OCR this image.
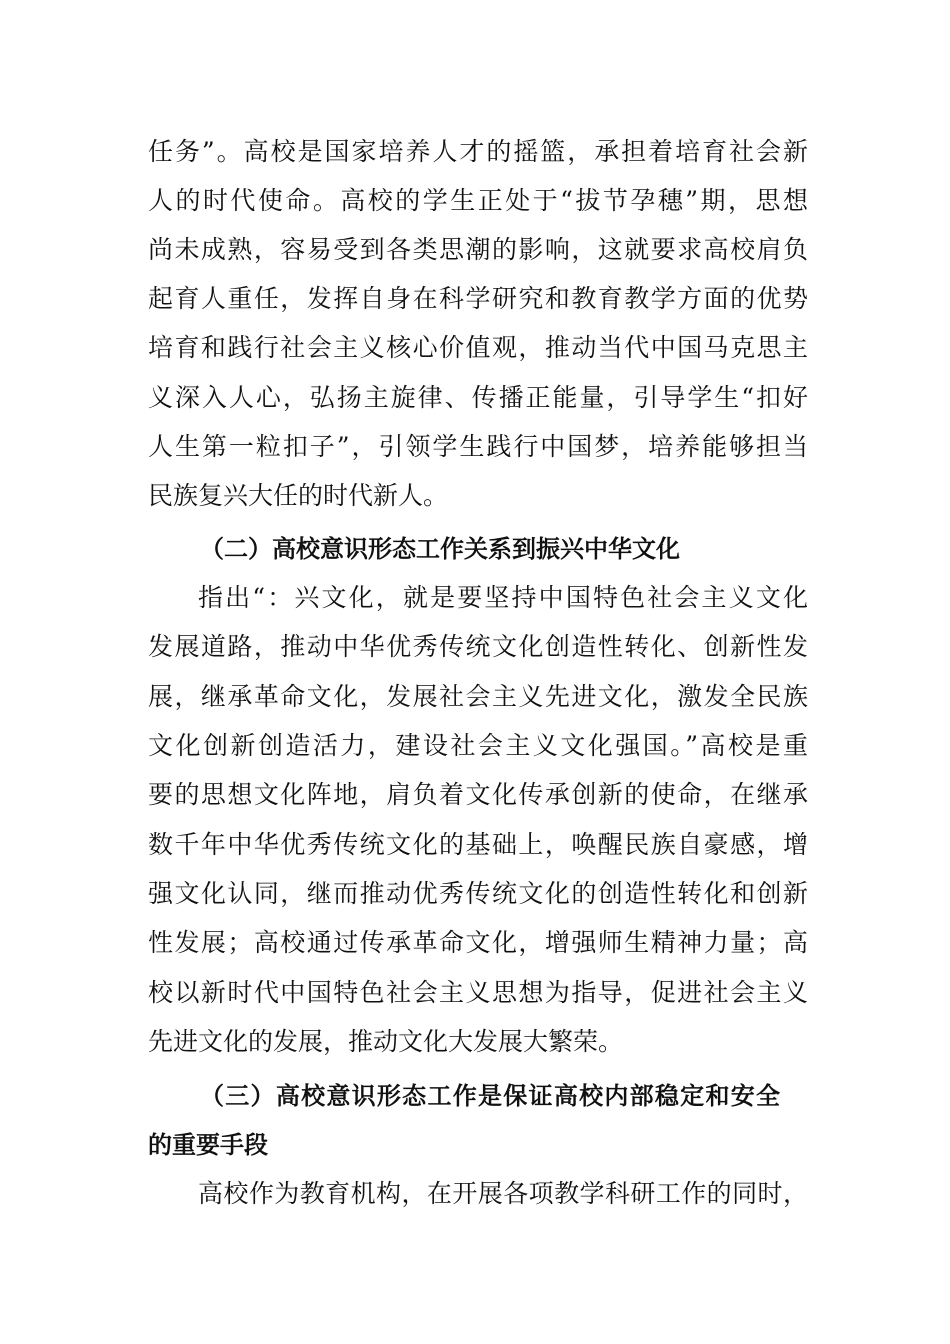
任务”。高校是国家培养人才的摇篮，承担着培育社会新

人的时代使命。高校的学生正处于“拔节孕穗”期，思想

尚未成熟，容易受到各类思潮的影响，这就要求高校肩负

起育人重任，发挥自身在科学研究和教育教学方面的优势

培育和践行社会主义核心价值观，推动当代中国马克思主

义深入人心，弘扬主旋律、传播正能量，引导学生“扣好

人生第一粒扣子”，引领学生践行中国梦，培养能够担当

民族复兴大任的时代新人。

（二）高校意识形态工作关系到振兴中华文化

指出“：兴文化，就是要坚持中国特色社会主义文化

发展道路，推动中华优秀传统文化创造性转化、创新性发

展，继承革命文化，发展社会主义先进文化，激发全民族

文化创新创造活力，建设社会主义文化强国。”高校是重

要的思想文化阵地，肩负着文化传承创新的使命，在继承

数千年中华优秀传统文化的基础上，唤醒民族自豪感，增

强文化认同，继而推动优秀传统文化的创造性转化和创新

性发展；高校通过传承革命文化，增强师生精神力量；高

校以新时代中国特色社会主义思想为指导，促进社会主义

先进文化的发展，推动文化大发展大繁荣。

（三）高校意识形态工作是保证高校内部稳定和安全

的重要手段

高校作为教育机构，在开展各项教学科研工作的同时，
